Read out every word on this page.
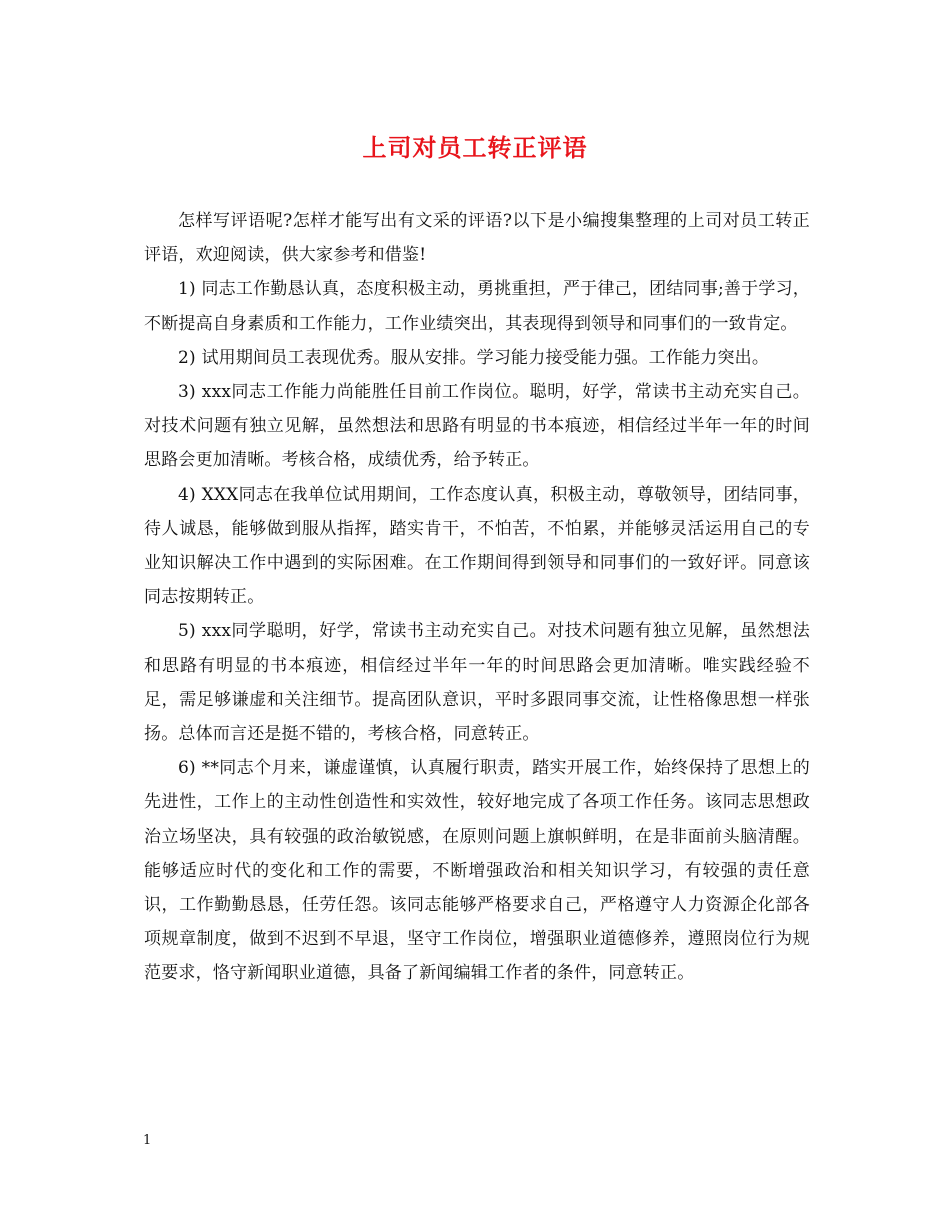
上司对员工转正评语

怎样写评语呢?怎样才能写出有文采的评语?以下是小编搜集整理的上司对员工转正评语，欢迎阅读，供大家参考和借鉴!

1) 同志工作勤恳认真，态度积极主动，勇挑重担，严于律己，团结同事;善于学习，不断提高自身素质和工作能力，工作业绩突出，其表现得到领导和同事们的一致肯定。

2) 试用期间员工表现优秀。服从安排。学习能力接受能力强。工作能力突出。

3) xxx同志工作能力尚能胜任目前工作岗位。聪明，好学，常读书主动充实自己。对技术问题有独立见解，虽然想法和思路有明显的书本痕迹，相信经过半年一年的时间思路会更加清晰。考核合格，成绩优秀，给予转正。

4) XXX同志在我单位试用期间，工作态度认真，积极主动，尊敬领导，团结同事，待人诚恳，能够做到服从指挥，踏实肯干，不怕苦，不怕累，并能够灵活运用自己的专业知识解决工作中遇到的实际困难。在工作期间得到领导和同事们的一致好评。同意该同志按期转正。

5) xxx同学聪明，好学，常读书主动充实自己。对技术问题有独立见解，虽然想法和思路有明显的书本痕迹，相信经过半年一年的时间思路会更加清晰。唯实践经验不足，需足够谦虚和关注细节。提高团队意识，平时多跟同事交流，让性格像思想一样张扬。总体而言还是挺不错的，考核合格，同意转正。

6) **同志个月来，谦虚谨慎，认真履行职责，踏实开展工作，始终保持了思想上的先进性，工作上的主动性创造性和实效性，较好地完成了各项工作任务。该同志思想政治立场坚决，具有较强的政治敏锐感，在原则问题上旗帜鲜明，在是非面前头脑清醒。能够适应时代的变化和工作的需要，不断增强政治和相关知识学习，有较强的责任意识，工作勤勤恳恳，任劳任怨。该同志能够严格要求自己，严格遵守人力资源企化部各项规章制度，做到不迟到不早退，坚守工作岗位，增强职业道德修养，遵照岗位行为规范要求，恪守新闻职业道德，具备了新闻编辑工作者的条件，同意转正。

1
